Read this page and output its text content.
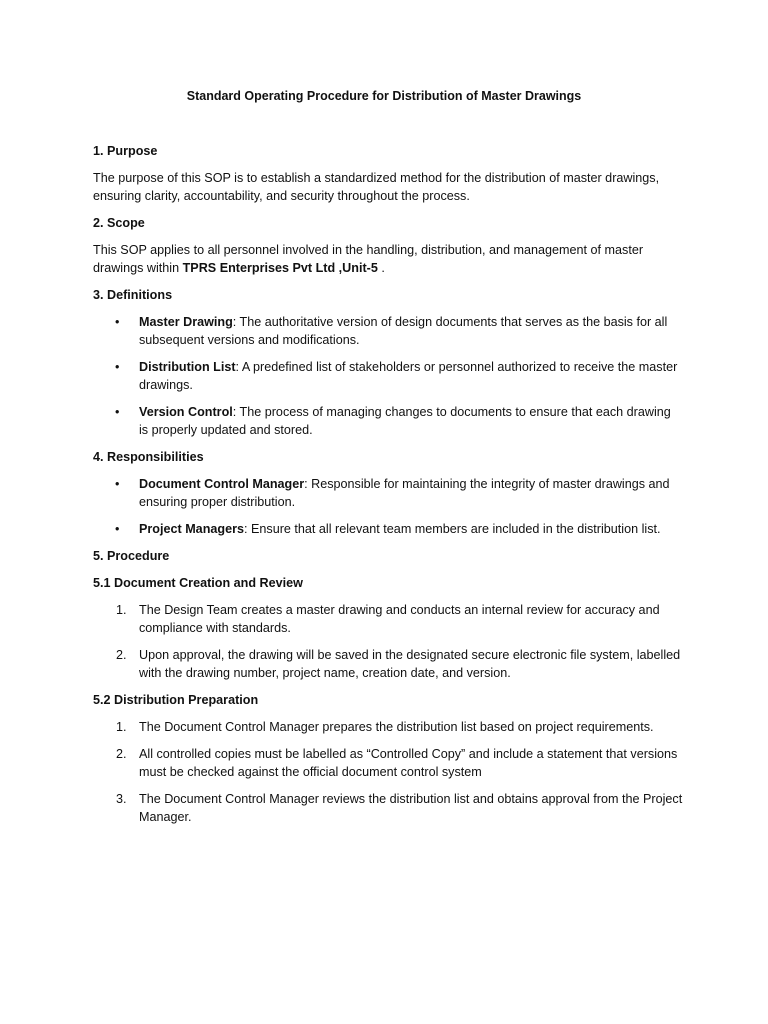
Standard Operating Procedure for Distribution of Master Drawings
1. Purpose

The purpose of this SOP is to establish a standardized method for the distribution of master drawings, ensuring clarity, accountability, and security throughout the process.

2. Scope

This SOP applies to all personnel involved in the handling, distribution, and management of master drawings within TPRS Enterprises Pvt Ltd ,Unit-5 .

3. Definitions
• Master Drawing: The authoritative version of design documents that serves as the basis for all subsequent versions and modifications.
• Distribution List: A predefined list of stakeholders or personnel authorized to receive the master drawings.
• Version Control: The process of managing changes to documents to ensure that each drawing is properly updated and stored.
4. Responsibilities
• Document Control Manager: Responsible for maintaining the integrity of master drawings and ensuring proper distribution.
• Project Managers: Ensure that all relevant team members are included in the distribution list.
5. Procedure
5.1 Document Creation and Review
1. The Design Team creates a master drawing and conducts an internal review for accuracy and compliance with standards.
2. Upon approval, the drawing will be saved in the designated secure electronic file system, labelled with the drawing number, project name, creation date, and version.
5.2 Distribution Preparation
1. The Document Control Manager prepares the distribution list based on project requirements.
2. All controlled copies must be labelled as “Controlled Copy” and include a statement that versions must be checked against the official document control system
3. The Document Control Manager reviews the distribution list and obtains approval from the Project Manager.
